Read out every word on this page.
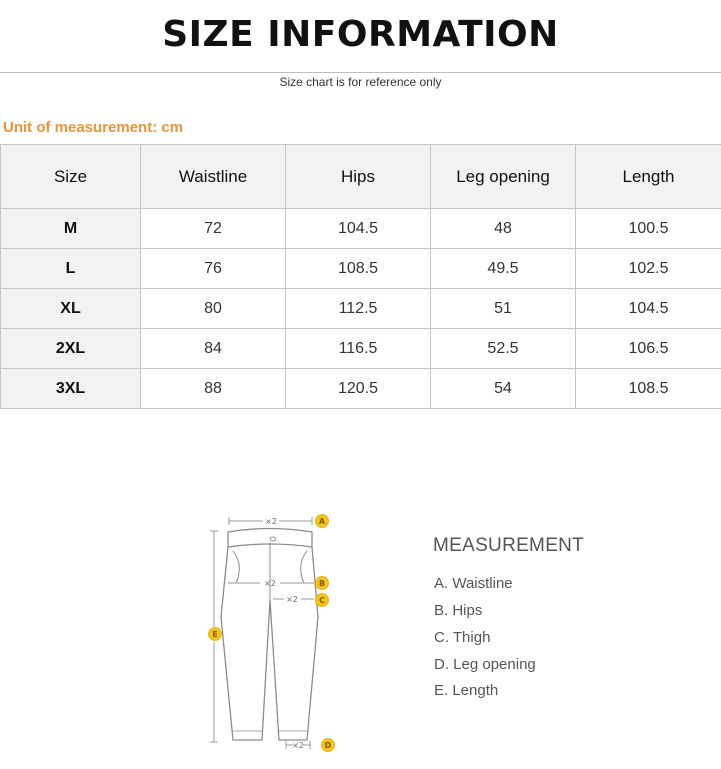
SIZE INFORMATION
Size chart is for reference only
Unit of measurement: cm
Size	Waistline	Hips	Leg opening	Length
M	72	104.5	48	100.5
L	76	108.5	49.5	102.5
XL	80	112.5	51	104.5
2XL	84	116.5	52.5	106.5
3XL	88	120.5	54	108.5
×2
×2
×2
×2
A
B
C
E
D
MEASUREMENT
A. Waistline
B. Hips
C. Thigh
D. Leg opening
E. Length
